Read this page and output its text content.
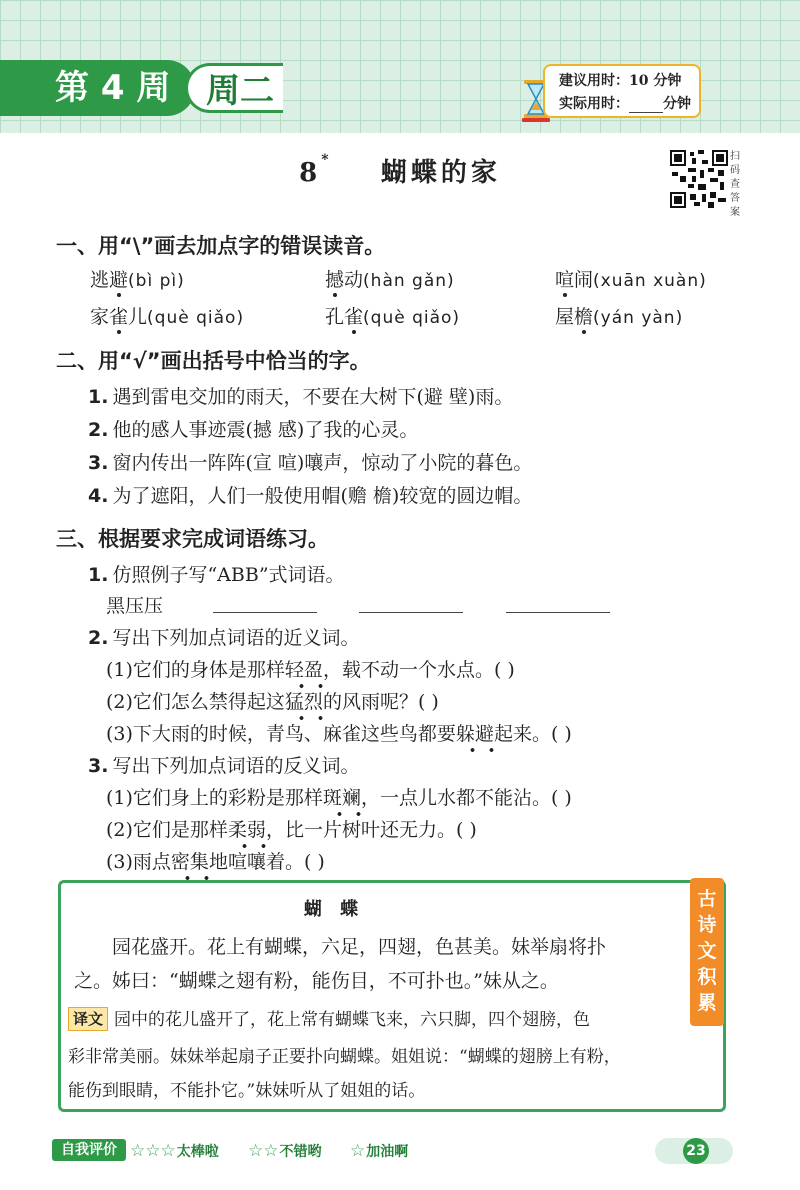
第 4 周	周二	建议用时：10 分钟
实际用时： 分钟
8* 蝴蝶的家
扫码查答案
一、用“\”画去加点字的错误读音。
逃避(bì pì)	撼动(hàn gǎn)	喧闹(xuān xuàn)
家雀儿(què qiǎo)	孔雀(què qiǎo)	屋檐(yán yàn)
二、用“√”画出括号中恰当的字。
1. 遇到雷电交加的雨天，不要在大树下(避 壁)雨。
2. 他的感人事迹震(撼 感)了我的心灵。
3. 窗内传出一阵阵(宣 喧)嚷声，惊动了小院的暮色。
4. 为了遮阳，人们一般使用帽(赡 檐)较宽的圆边帽。
三、根据要求完成词语练习。
1. 仿照例子写“ABB”式词语。
黑压压
2. 写出下列加点词语的近义词。
(1)它们的身体是那样轻盈，载不动一个水点。( )
(2)它们怎么禁得起这猛烈的风雨呢？( )
(3)下大雨的时候，青鸟、麻雀这些鸟都要躲避起来。( )
3. 写出下列加点词语的反义词。
(1)它们身上的彩粉是那样斑斓，一点儿水都不能沾。( )
(2)它们是那样柔弱，比一片树叶还无力。( )
(3)雨点密集地喧嚷着。( )
古诗文积累
蝴 蝶
园花盛开。花上有蝴蝶，六足，四翅，色甚美。妹举扇将扑
之。姊曰：“蝴蝶之翅有粉，能伤目，不可扑也。”妹从之。
译文 园中的花儿盛开了，花上常有蝴蝶飞来，六只脚，四个翅膀，色
彩非常美丽。妹妹举起扇子正要扑向蝴蝶。姐姐说：“蝴蝶的翅膀上有粉，
能伤到眼睛，不能扑它。”妹妹听从了姐姐的话。
自我评价 ☆☆☆太棒啦 ☆☆不错哟 ☆加油啊	23
